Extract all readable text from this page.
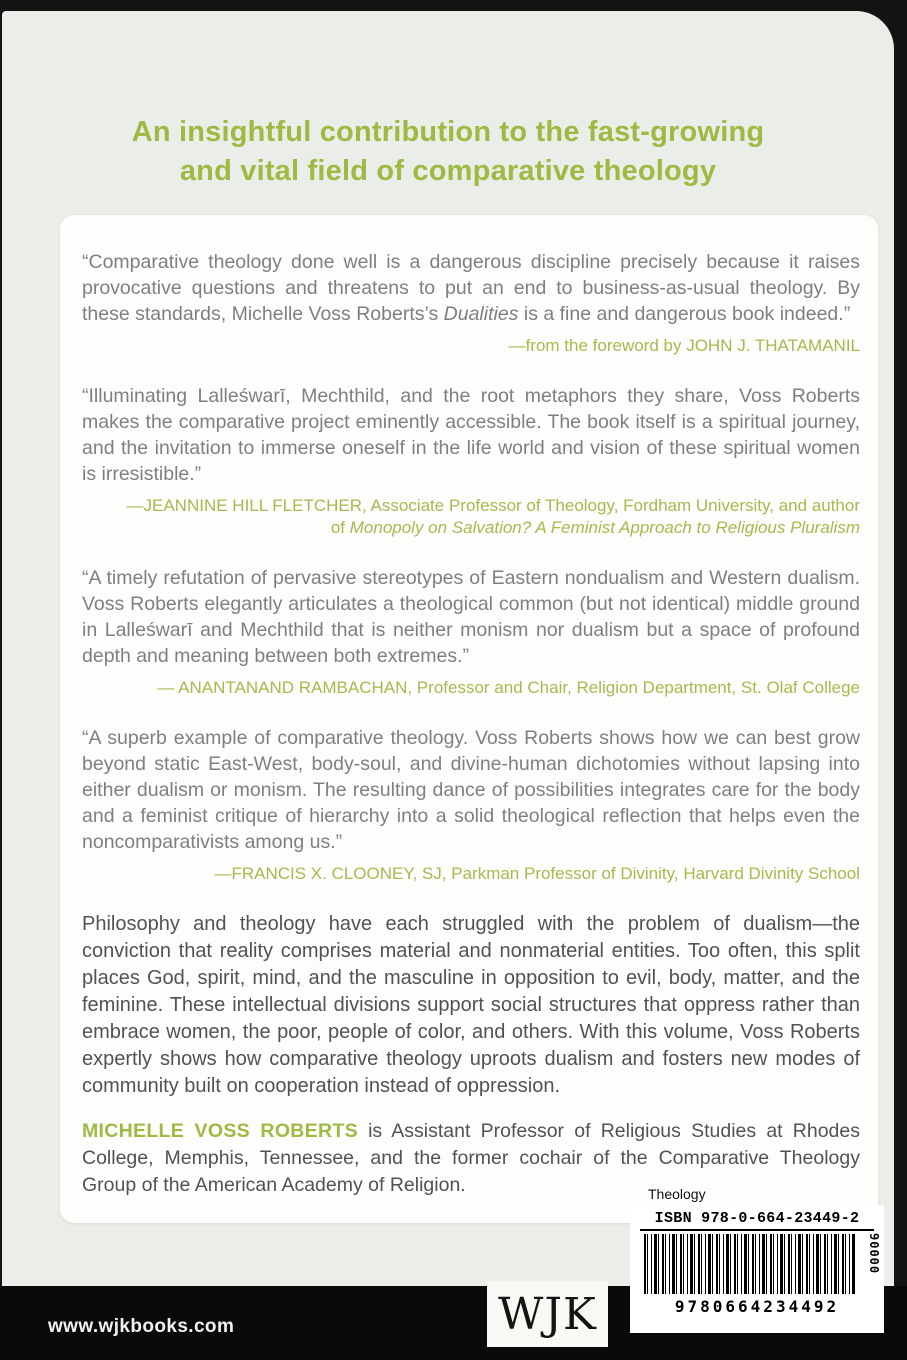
An insightful contribution to the fast-growing
and vital field of comparative theology

“Comparative theology done well is a dangerous discipline precisely because it raises provocative questions and threatens to put an end to business-as-usual theology. By these standards, Michelle Voss Roberts’s Dualities is a fine and dangerous book indeed.”

—from the foreword by JOHN J. THATAMANIL

“Illuminating Lalleśwarī, Mechthild, and the root metaphors they share, Voss Roberts makes the comparative project eminently accessible. The book itself is a spiritual journey, and the invitation to immerse oneself in the life world and vision of these spiritual women is irresistible.”

—JEANNINE HILL FLETCHER, Associate Professor of Theology, Fordham University, and author
of Monopoly on Salvation? A Feminist Approach to Religious Pluralism

“A timely refutation of pervasive stereotypes of Eastern nondualism and Western dualism. Voss Roberts elegantly articulates a theological common (but not identical) middle ground in Lalleśwarī and Mechthild that is neither monism nor dualism but a space of profound depth and meaning between both extremes.”

— ANANTANAND RAMBACHAN, Professor and Chair, Religion Department, St. Olaf College

“A superb example of comparative theology. Voss Roberts shows how we can best grow beyond static East-West, body-soul, and divine-human dichotomies without lapsing into either dualism or monism. The resulting dance of possibilities integrates care for the body and a feminist critique of hierarchy into a solid theological reflection that helps even the noncomparativists among us.”

—FRANCIS X. CLOONEY, SJ, Parkman Professor of Divinity, Harvard Divinity School

Philosophy and theology have each struggled with the problem of dualism—the conviction that reality comprises material and nonmaterial entities. Too often, this split places God, spirit, mind, and the masculine in opposition to evil, body, matter, and the feminine. These intellectual divisions support social structures that oppress rather than embrace women, the poor, people of color, and others. With this volume, Voss Roberts expertly shows how comparative theology uproots dualism and fosters new modes of community built on cooperation instead of oppression.

MICHELLE VOSS ROBERTS is Assistant Professor of Religious Studies at Rhodes College, Memphis, Tennessee, and the former cochair of the Comparative Theology Group of the American Academy of Religion.

www.wjkbooks.com	WJK
Theology
ISBN 978-0-664-23449-2
90000
9780664234492
